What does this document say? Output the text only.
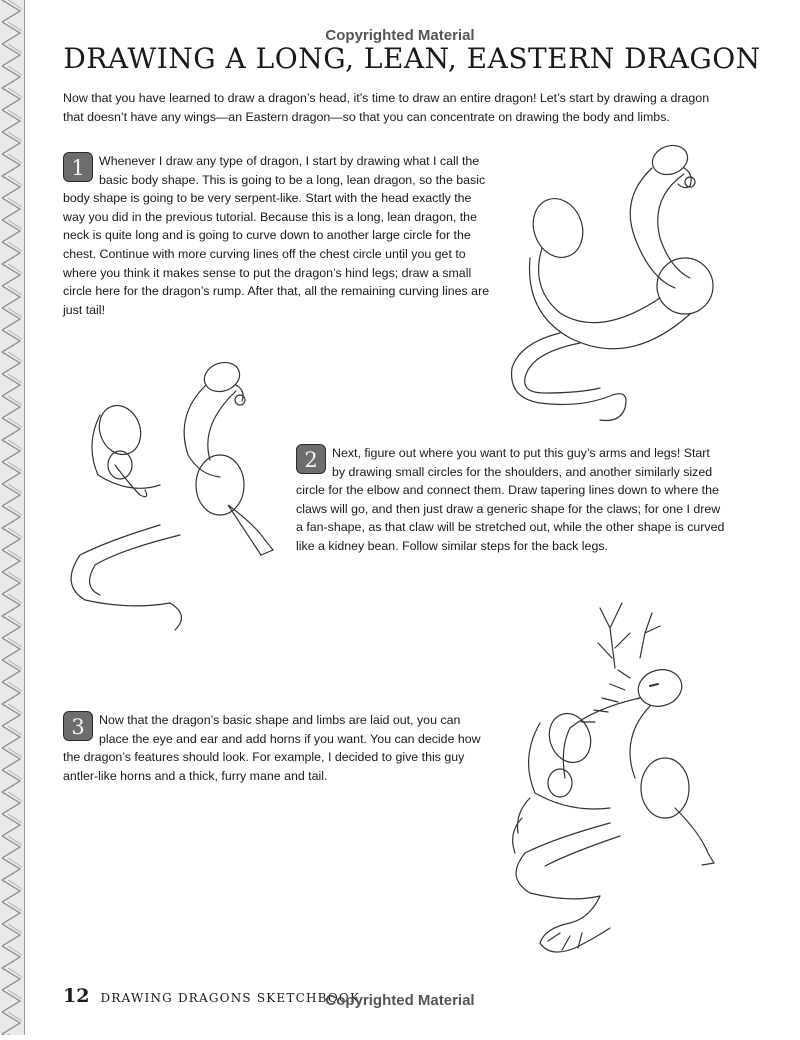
Copyrighted Material
DRAWING A LONG, LEAN, EASTERN DRAGON

Now that you have learned to draw a dragon’s head, it’s time to draw an entire dragon! Let’s start by drawing a dragon that doesn’t have any wings—an Eastern dragon—so that you can concentrate on drawing the body and limbs.

1	Whenever I draw any type of dragon, I start by drawing what I call the basic body shape. This is going to be a long, lean dragon, so the basic body shape is going to be very serpent-like. Start with the head exactly the way you did in the previous tutorial. Because this is a long, lean dragon, the neck is quite long and is going to curve down to another large circle for the chest. Continue with more curving lines off the chest circle until you get to where you think it makes sense to put the dragon’s hind legs; draw a small circle here for the dragon’s rump. After that, all the remaining curving lines are just tail!
2	Next, figure out where you want to put this guy’s arms and legs! Start by drawing small circles for the shoulders, and another similarly sized circle for the elbow and connect them. Draw tapering lines down to where the claws will go, and then just draw a generic shape for the claws; for one I drew a fan-shape, as that claw will be stretched out, while the other shape is curved like a kidney bean. Follow similar steps for the back legs.
3	Now that the dragon’s basic shape and limbs are laid out, you can place the eye and ear and add horns if you want. You can decide how the dragon’s features should look. For example, I decided to give this guy antler-like horns and a thick, furry mane and tail.
12 DRAWING DRAGONS SKETCHBOOK
Copyrighted Material
